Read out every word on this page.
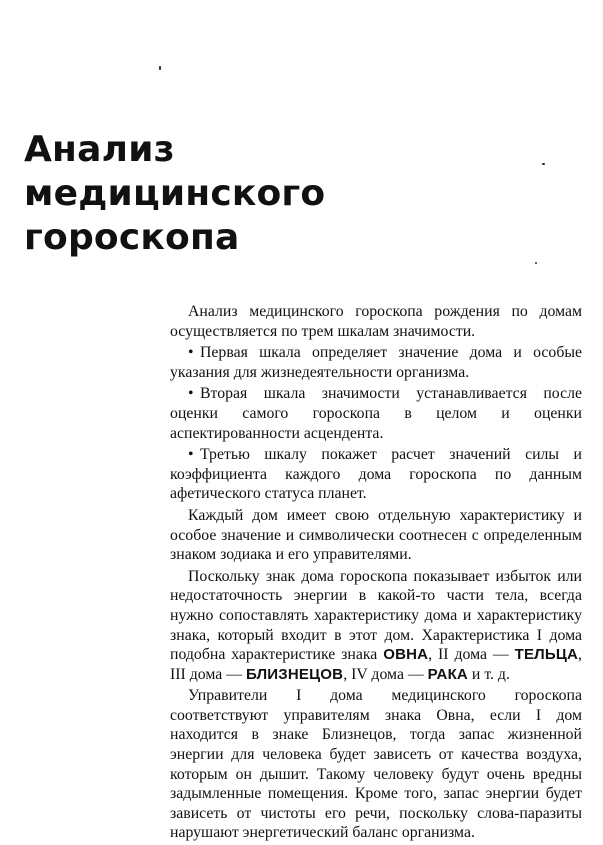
Анализ
медицинского
гороскопа

Анализ медицинского гороскопа рождения по домам осуществляется по трем шкалам значимости.

• Первая шкала определяет значение дома и особые указания для жизнедеятельности организма.

• Вторая шкала значимости устанавливается после оценки самого гороскопа в целом и оценки аспектированности асцендента.

• Третью шкалу покажет расчет значений силы и коэффициента каждого дома гороскопа по данным афетического статуса планет.

Каждый дом имеет свою отдельную характеристику и особое значение и символически соотнесен с определенным знаком зодиака и его управителями.

Поскольку знак дома гороскопа показывает избыток или недостаточность энергии в какой-то части тела, всегда нужно сопоставлять характеристику дома и характеристику знака, который входит в этот дом. Характеристика I дома подобна характеристике знака ОВНА, II дома — ТЕЛЬЦА, III дома — БЛИЗНЕЦОВ, IV дома — РАКА и т. д.

Управители I дома медицинского гороскопа соответствуют управителям знака Овна, если I дом находится в знаке Близнецов, тогда запас жизненной энергии для человека будет зависеть от качества воздуха, которым он дышит. Такому человеку будут очень вредны задымленные помещения. Кроме того, запас энергии будет зависеть от чистоты его речи, поскольку слова-паразиты нарушают энергетический баланс организма.
